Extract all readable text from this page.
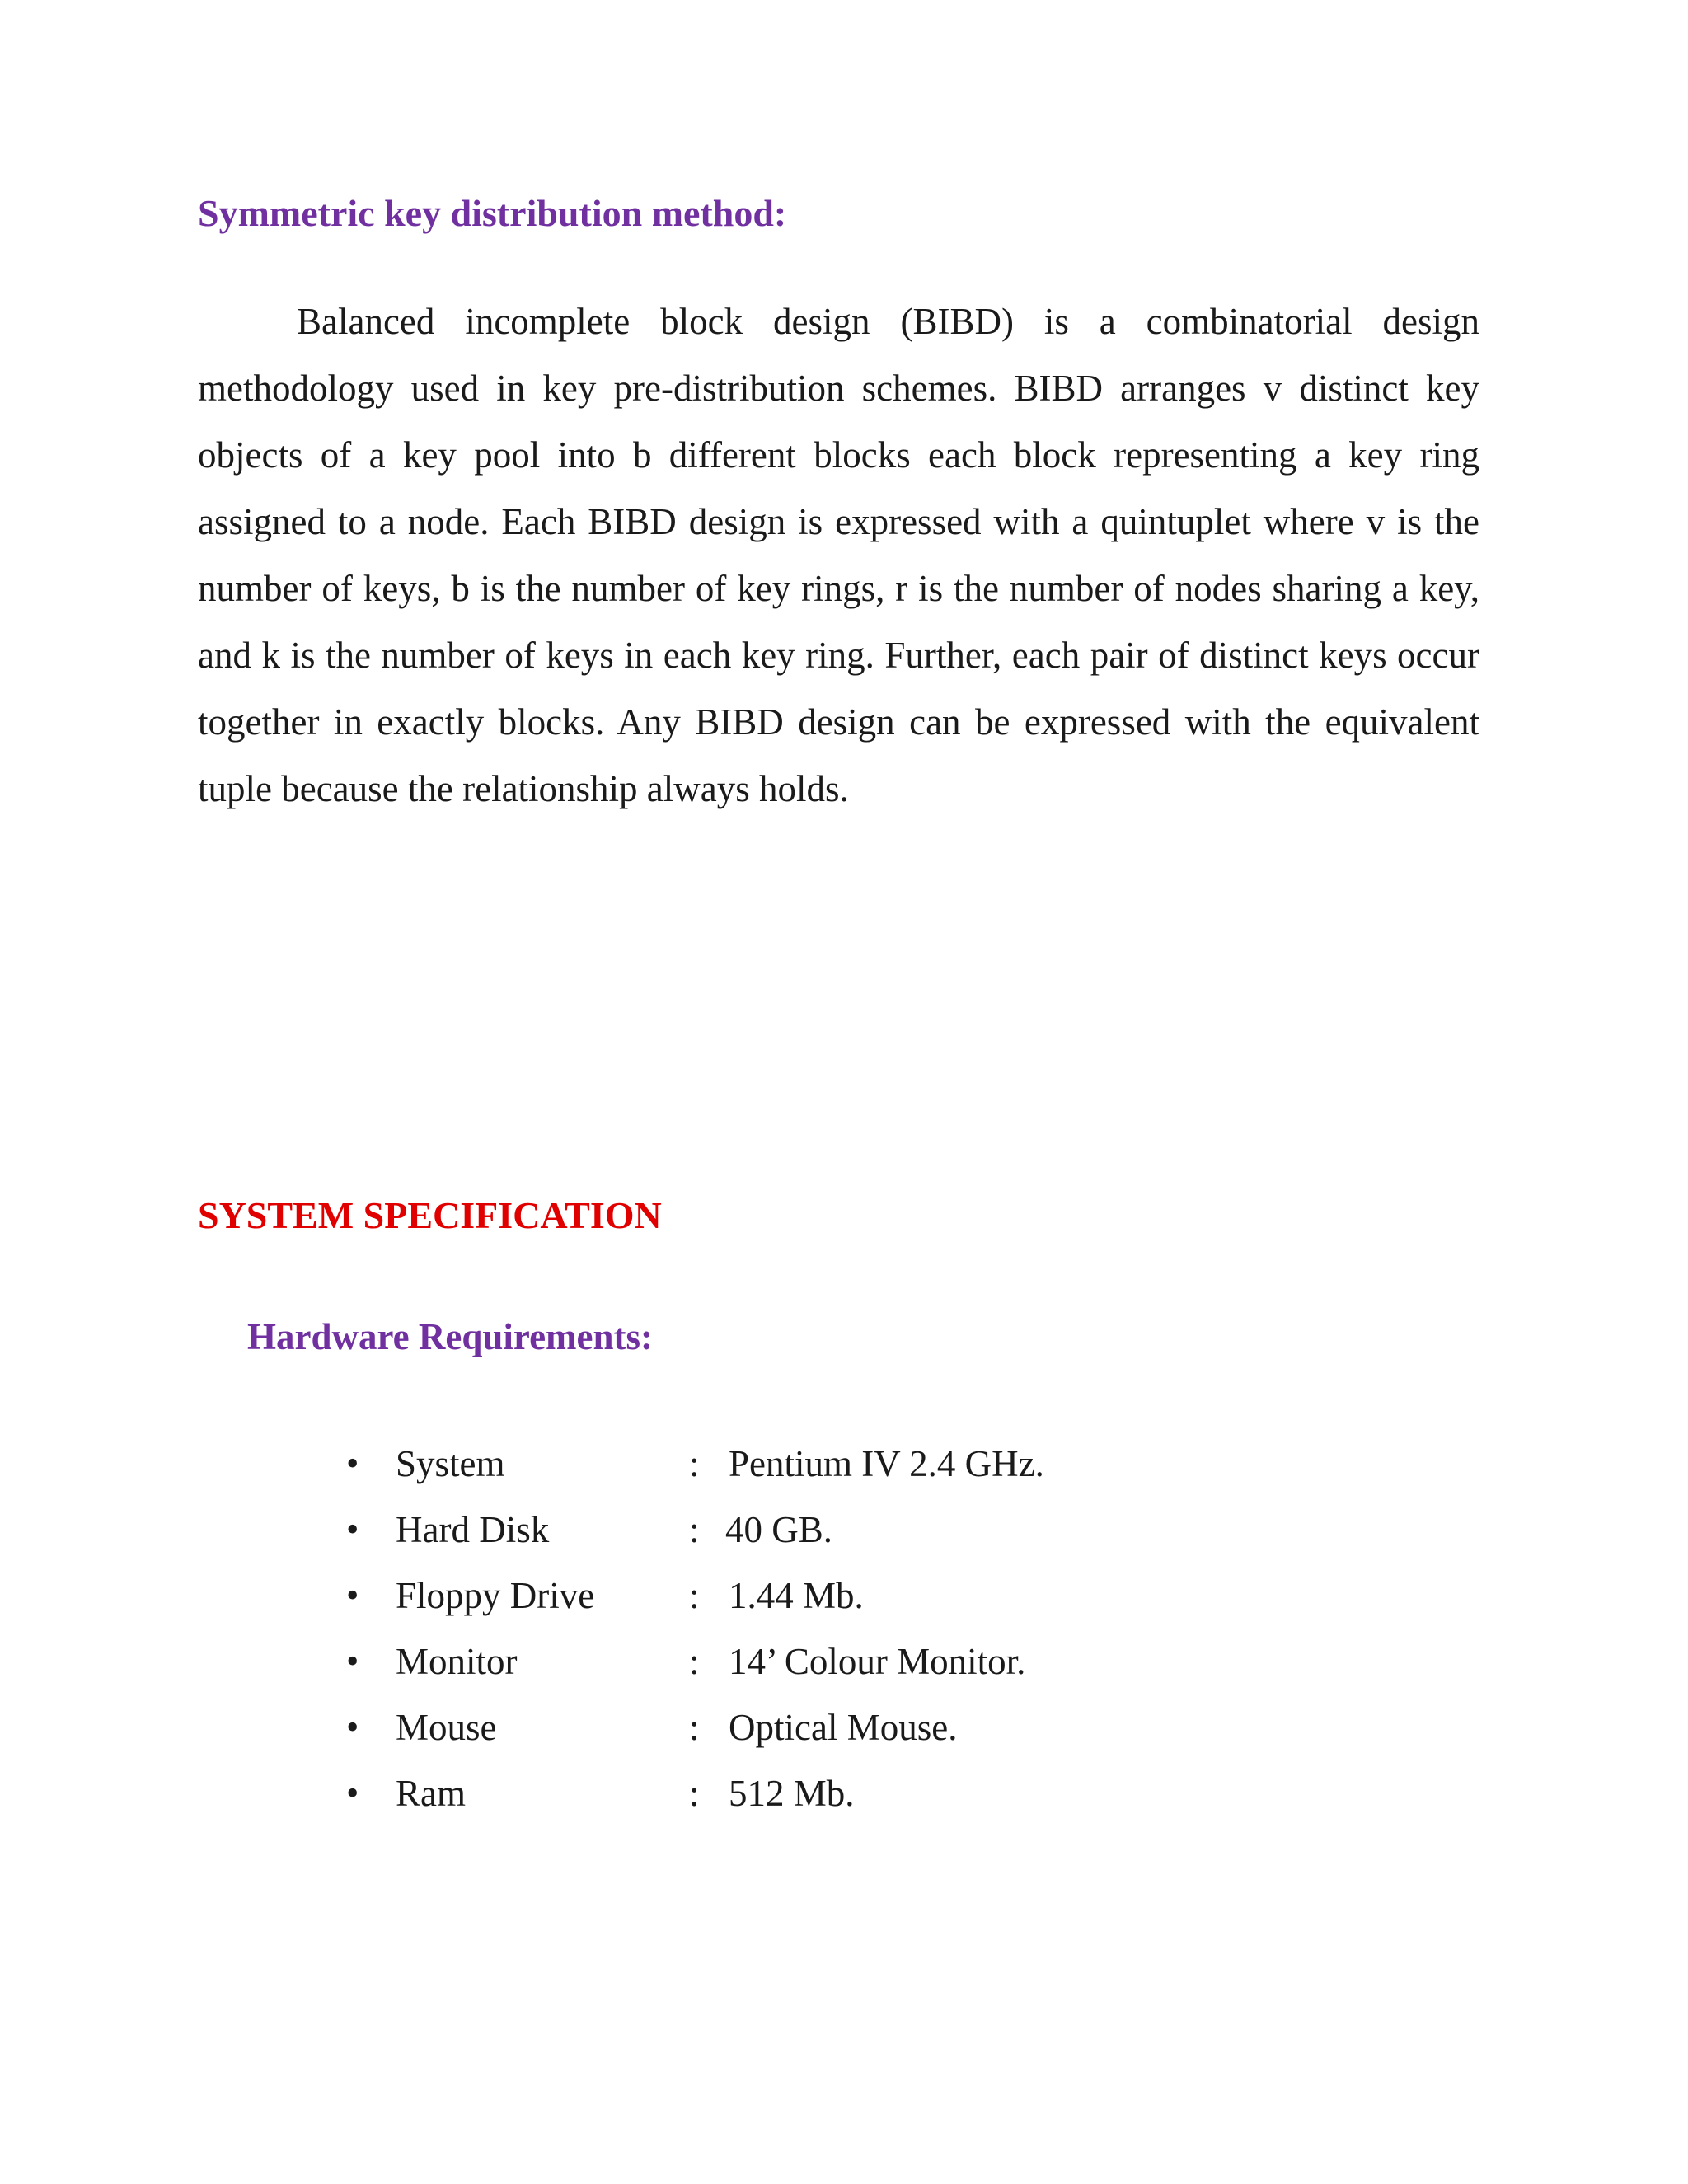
Symmetric key distribution method:

Balanced incomplete block design (BIBD) is a combinatorial design methodology used in key pre-distribution schemes. BIBD arranges v distinct key objects of a key pool into b different blocks each block representing a key ring assigned to a node. Each BIBD design is expressed with a quintuplet where v is the number of keys, b is the number of key rings, r is the number of nodes sharing a key, and k is the number of keys in each key ring. Further, each pair of distinct keys occur together in exactly blocks. Any BIBD design can be expressed with the equivalent tuple because the relationship always holds.

SYSTEM SPECIFICATION
Hardware Requirements:
• System	: Pentium IV 2.4 GHz.
• Hard Disk	: 40 GB.
• Floppy Drive	: 1.44 Mb.
• Monitor	: 14’ Colour Monitor.
• Mouse	: Optical Mouse.
• Ram	: 512 Mb.
